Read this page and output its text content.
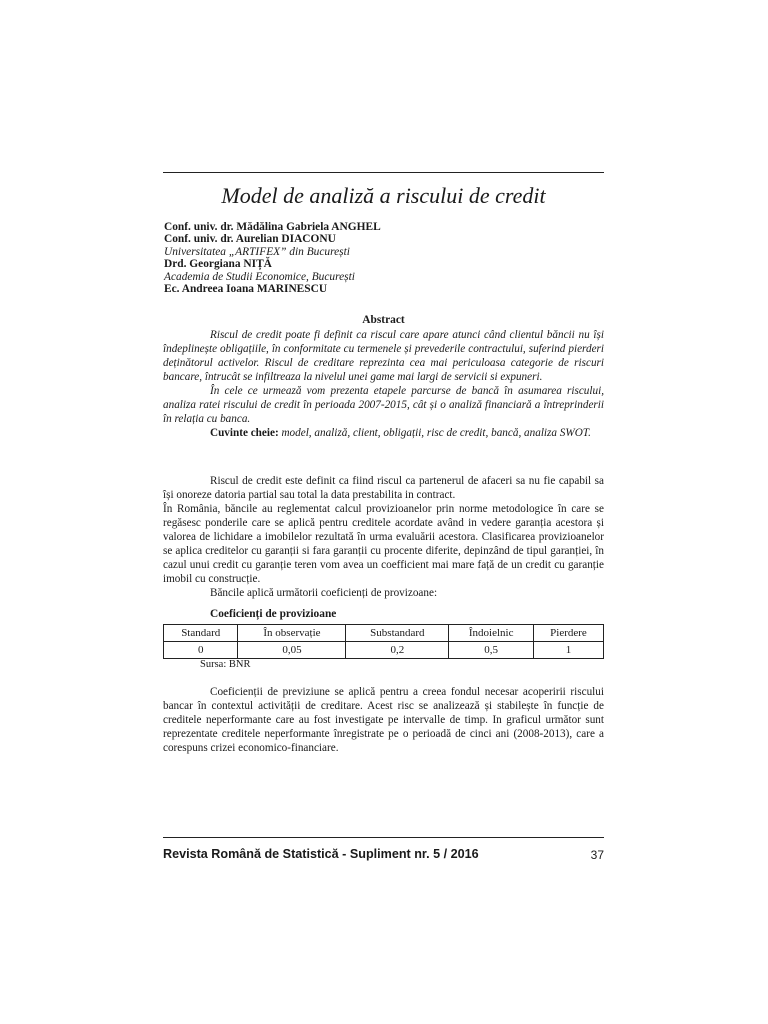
Model de analiză a riscului de credit
Conf. univ. dr. Mădălina Gabriela ANGHEL
Conf. univ. dr. Aurelian DIACONU
Universitatea „ARTIFEX” din București
Drd. Georgiana NIȚĂ
Academia de Studii Economice, București
Ec. Andreea Ioana MARINESCU
Abstract

Riscul de credit poate fi definit ca riscul care apare atunci când clientul băncii nu își îndeplinește obligațiile, în conformitate cu termenele și prevederile contractului, suferind pierderi deținătorul activelor. Riscul de creditare reprezinta cea mai periculoasa categorie de riscuri bancare, întrucât se infiltreaza la nivelul unei game mai largi de servicii si expuneri.

În cele ce urmează vom prezenta etapele parcurse de bancă în asumarea riscului, analiza ratei riscului de credit în perioada 2007-2015, cât și o analiză financiară a întreprinderii în relația cu banca.

Cuvinte cheie: model, analiză, client, obligații, risc de credit, bancă, analiza SWOT.

Riscul de credit este definit ca fiind riscul ca partenerul de afaceri sa nu fie capabil sa își onoreze datoria partial sau total la data prestabilita in contract.

În România, băncile au reglementat calcul provizioanelor prin norme metodologice în care se regăsesc ponderile care se aplică pentru creditele acordate având in vedere garanția acestora și valorea de lichidare a imobilelor rezultată în urma evaluării acestora. Clasificarea provizioanelor se aplica creditelor cu garanții si fara garanții cu procente diferite, depinzând de tipul garanției, în cazul unui credit cu garanție teren vom avea un coefficient mai mare față de un credit cu garanție imobil cu construcție.

Băncile aplică următorii coeficienți de provizoane:

Coeficienți de provizioane
Standard	În observație	Substandard	Îndoielnic	Pierdere
0	0,05	0,2	0,5	1
Sursa: BNR

Coeficienții de previziune se aplică pentru a creea fondul necesar acoperirii riscului bancar în contextul activității de creditare. Acest risc se analizează și stabilește în funcție de creditele neperformante care au fost investigate pe intervalle de timp. In graficul următor sunt reprezentate creditele neperformante înregistrate pe o perioadă de cinci ani (2008-2013), care a corespuns crizei economico-financiare.

Revista Română de Statistică - Supliment nr. 5 / 2016	37
